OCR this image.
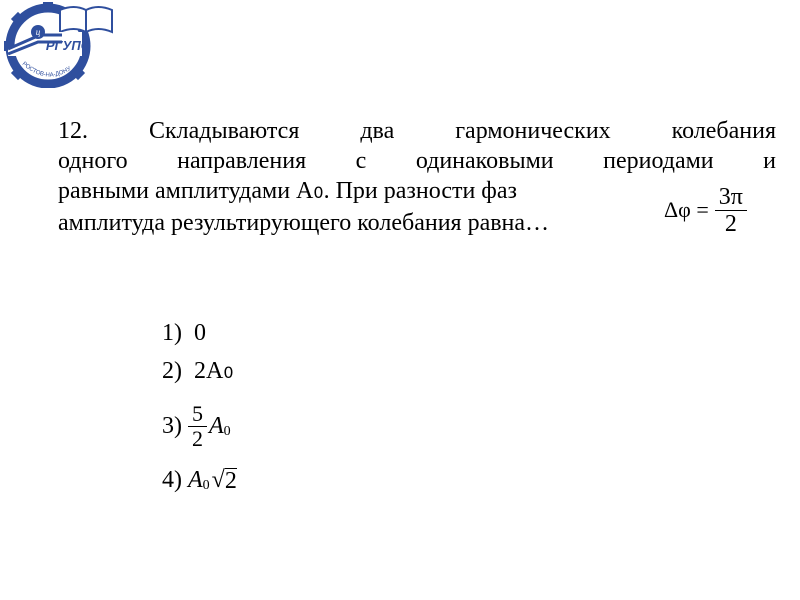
ц
РГУПС
РОСТОВ-НА-ДОНУ
12. Складываются два гармонических колебания
одного направления с одинаковыми периодами и
равными амплитудами А0. При разности фаз
амплитуда результирующего колебания равна…
$\Delta\varphi = \frac{3\pi}{2}$
1) 0
2) 2А0
$3) \frac{5}{2}$ A 0
4) A 0 √ 2
